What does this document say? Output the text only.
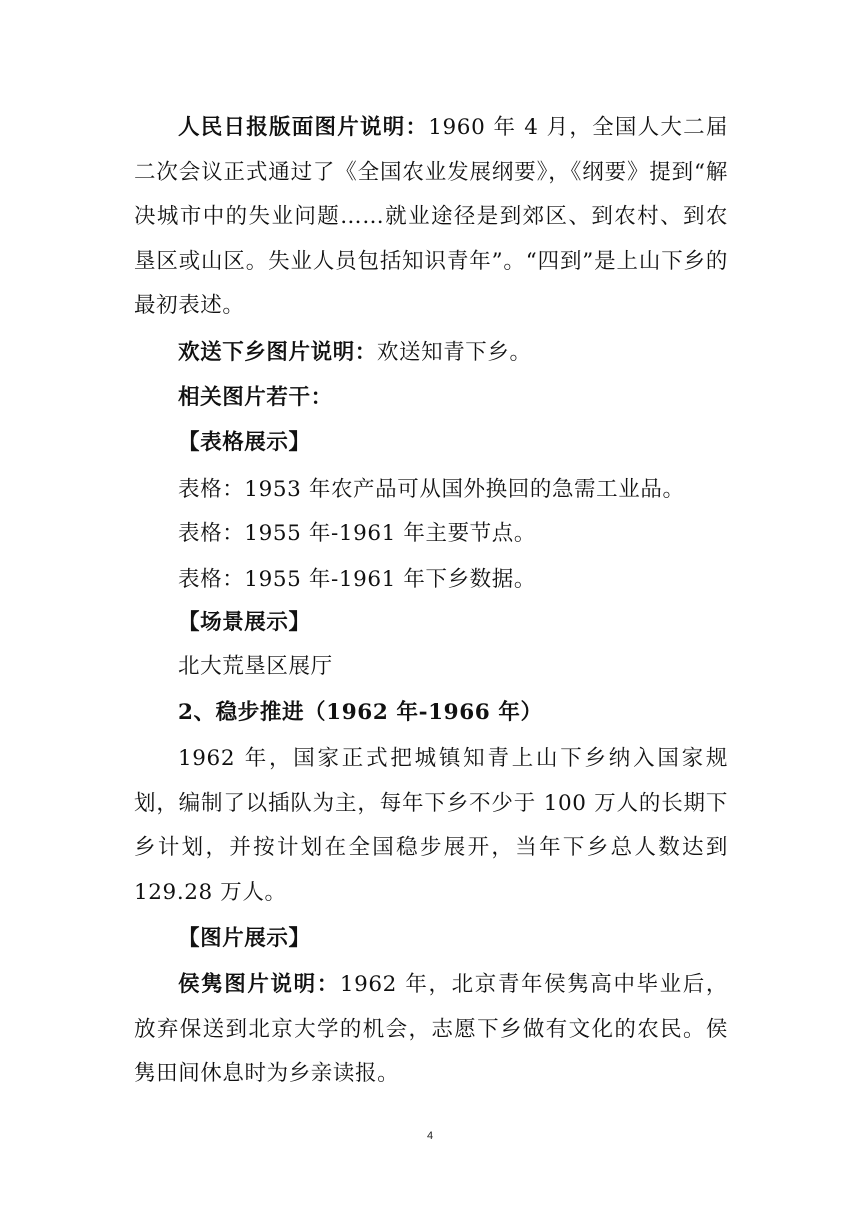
人民日报版面图片说明：1960 年 4 月，全国人大二届二次会议正式通过了《全国农业发展纲要》，《纲要》提到“解决城市中的失业问题……就业途径是到郊区、到农村、到农垦区或山区。失业人员包括知识青年”。“四到”是上山下乡的最初表述。

欢送下乡图片说明：欢送知青下乡。

相关图片若干：

【表格展示】

表格：1953 年农产品可从国外换回的急需工业品。

表格：1955 年-1961 年主要节点。

表格：1955 年-1961 年下乡数据。

【场景展示】

北大荒垦区展厅

2、稳步推进（1962 年-1966 年）

1962 年，国家正式把城镇知青上山下乡纳入国家规划，编制了以插队为主，每年下乡不少于 100 万人的长期下乡计划，并按计划在全国稳步展开，当年下乡总人数达到 129.28 万人。

【图片展示】

侯隽图片说明：1962 年，北京青年侯隽高中毕业后，放弃保送到北京大学的机会，志愿下乡做有文化的农民。侯隽田间休息时为乡亲读报。

4
